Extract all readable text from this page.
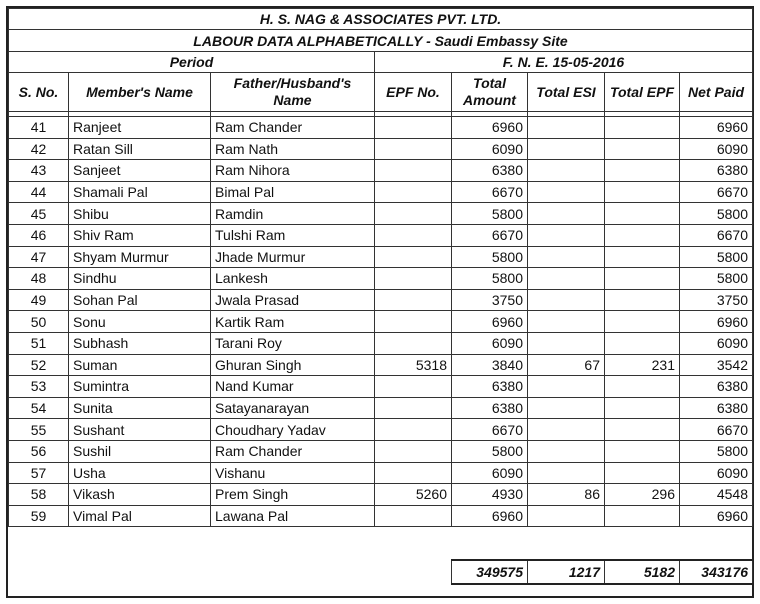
H. S. NAG & ASSOCIATES PVT. LTD.							
LABOUR DATA ALPHABETICALLY - Saudi Embassy Site							
Period			F. N. E. 15-05-2016				
S. No.	Member's Name	Father/Husband's Name	EPF No.	Total Amount	Total ESI	Total EPF	Net Paid

41	Ranjeet	Ram Chander		6960			6960
42	Ratan Sill	Ram Nath		6090			6090
43	Sanjeet	Ram Nihora		6380			6380
44	Shamali Pal	Bimal Pal		6670			6670
45	Shibu	Ramdin		5800			5800
46	Shiv Ram	Tulshi Ram		6670			6670
47	Shyam Murmur	Jhade Murmur		5800			5800
48	Sindhu	Lankesh		5800			5800
49	Sohan Pal	Jwala Prasad		3750			3750
50	Sonu	Kartik Ram		6960			6960
51	Subhash	Tarani Roy		6090			6090
52	Suman	Ghuran Singh	5318	3840	67	231	3542
53	Sumintra	Nand Kumar		6380			6380
54	Sunita	Satayanarayan		6380			6380
55	Sushant	Choudhary Yadav		6670			6670
56	Sushil	Ram Chander		5800			5800
57	Usha	Vishanu		6090			6090
58	Vikash	Prem Singh	5260	4930	86	296	4548
59	Vimal Pal	Lawana Pal		6960			6960

				349575	1217	5182	343176
